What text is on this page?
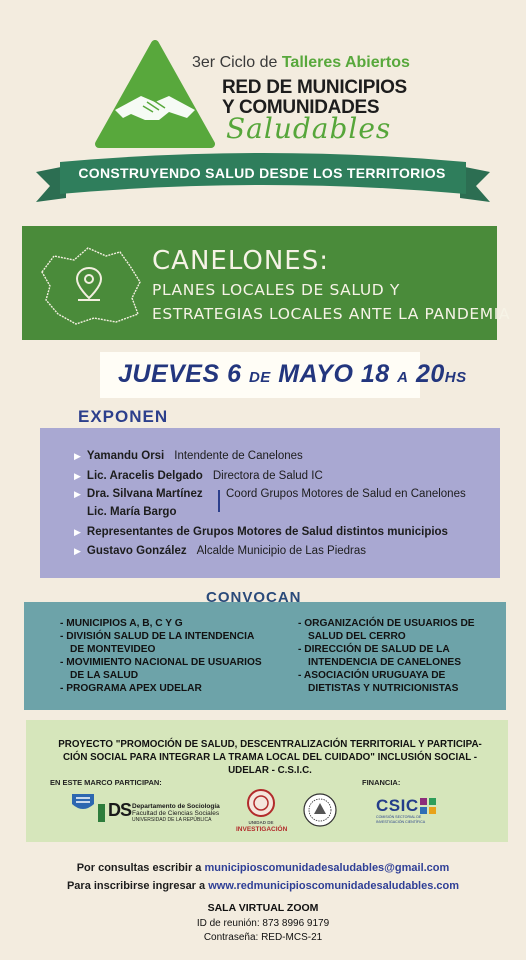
3er Ciclo de Talleres Abiertos
RED DE MUNICIPIOS
Y COMUNIDADES
Saludables
CONSTRUYENDO SALUD DESDE LOS TERRITORIOS
CANELONES:
PLANES LOCALES DE SALUD Y
ESTRATEGIAS LOCALES ANTE LA PANDEMIA
JUEVES 6 DE MAYO 18 A 20HS
EXPONEN
▶ Yamandu Orsi Intendente de Canelones
▶ Lic. Aracelis Delgado Directora de Salud IC
▶ Dra. Silvana Martínez Coord Grupos Motores de Salud en Canelones
Lic. María Bargo
▶ Representantes de Grupos Motores de Salud distintos municipios
▶ Gustavo González Alcalde Municipio de Las Piedras
CONVOCAN
- MUNICIPIOS A, B, C Y G
- DIVISIÓN SALUD DE LA INTENDENCIA
DE MONTEVIDEO
- MOVIMIENTO NACIONAL DE USUARIOS
DE LA SALUD
- PROGRAMA APEX UDELAR
- ORGANIZACIÓN DE USUARIOS DE
SALUD DEL CERRO
- DIRECCIÓN DE SALUD DE LA
INTENDENCIA DE CANELONES
- ASOCIACIÓN URUGUAYA DE
DIETISTAS Y NUTRICIONISTAS
PROYECTO "PROMOCIÓN DE SALUD, DESCENTRALIZACIÓN TERRITORIAL Y PARTICIPA-
CIÓN SOCIAL PARA INTEGRAR LA TRAMA LOCAL DEL CUIDADO" INCLUSIÓN SOCIAL -
UDELAR - C.S.I.C.
EN ESTE MARCO PARTICIPAN:	FINANCIA:
DS Departamento de Sociología
Facultad de Ciencias Sociales
UNIVERSIDAD DE LA REPÚBLICA	UNIDAD DE
INVESTIGACIÓN
CSIC
COMISIÓN SECTORIAL DE INVESTIGACIÓN CIENTÍFICA
Por consultas escribir a municipioscomunidadesaludables@gmail.com
Para inscribirse ingresar a www.redmunicipioscomunidadesaludables.com
SALA VIRTUAL ZOOM
ID de reunión: 873 8996 9179
Contraseña: RED-MCS-21
